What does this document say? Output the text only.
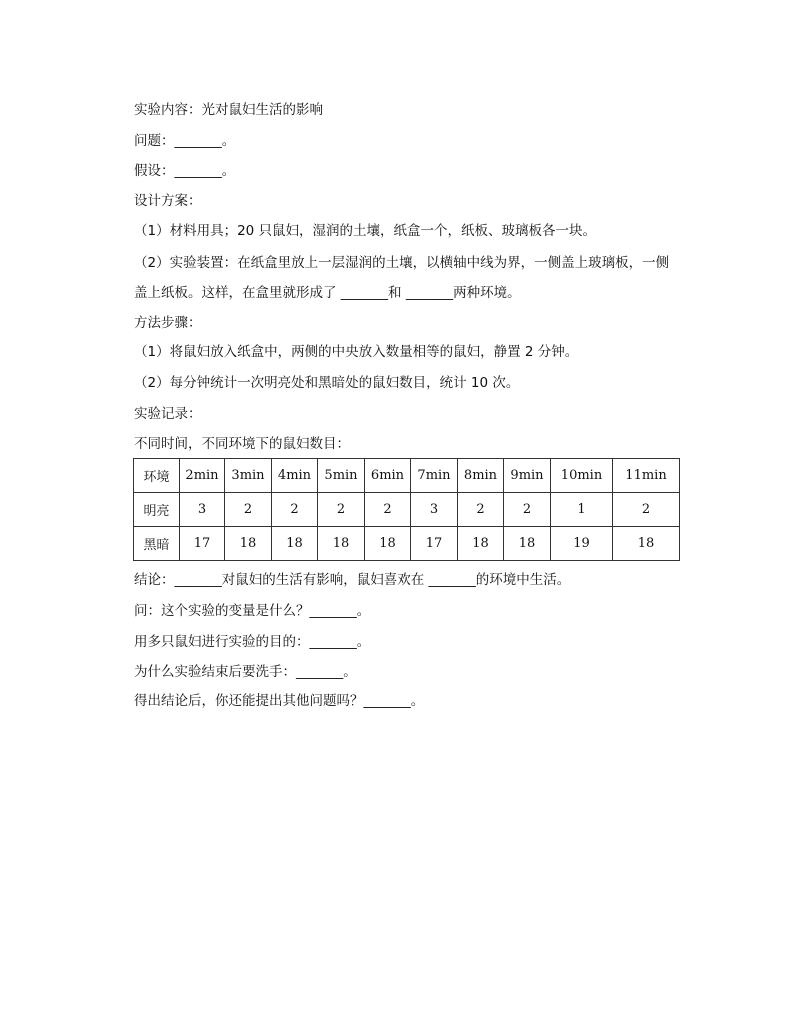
实验内容：光对鼠妇生活的影响
问题：_______。
假设：_______。
设计方案：
（1）材料用具；20 只鼠妇，湿润的土壤，纸盒一个，纸板、玻璃板各一块。
（2）实验装置：在纸盒里放上一层湿润的土壤，以横轴中线为界，一侧盖上玻璃板，一侧
盖上纸板。这样，在盒里就形成了 _______和 _______两种环境。
方法步骤：
（1）将鼠妇放入纸盒中，两侧的中央放入数量相等的鼠妇，静置 2 分钟。
（2）每分钟统计一次明亮处和黑暗处的鼠妇数目，统计 10 次。
实验记录：
不同时间，不同环境下的鼠妇数目：
环境	2min	3min	4min	5min	6min	7min	8min	9min	10min	11min
明亮	3	2	2	2	2	3	2	2	1	2
黑暗	17	18	18	18	18	17	18	18	19	18
结论：_______对鼠妇的生活有影响，鼠妇喜欢在 _______的环境中生活。
问：这个实验的变量是什么？_______。
用多只鼠妇进行实验的目的：_______。
为什么实验结束后要洗手：_______。
得出结论后，你还能提出其他问题吗？_______。
